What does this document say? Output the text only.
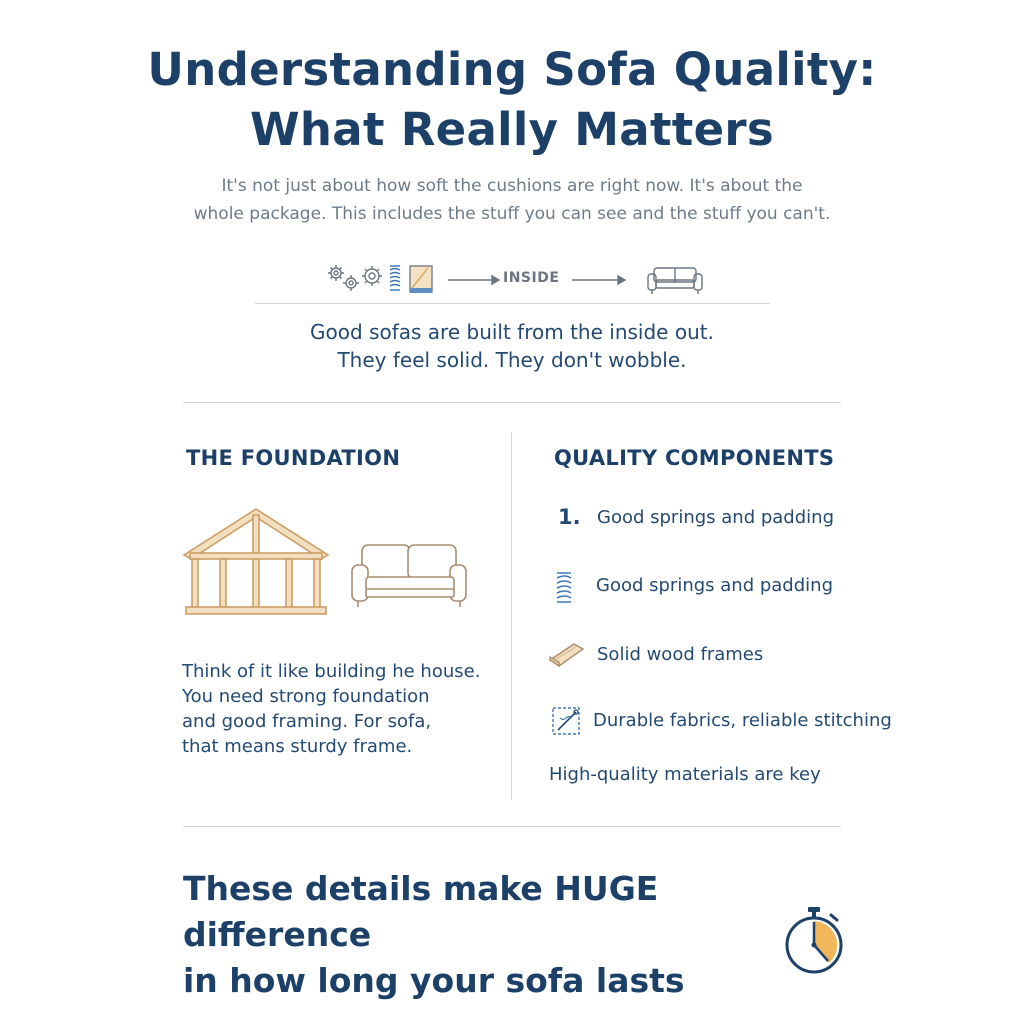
Understanding Sofa Quality:
What Really Matters
It's not just about how soft the cushions are right now. It's about the
whole package. This includes the stuff you can see and the stuff you can't.
INSIDE
Good sofas are built from the inside out.
They feel solid. They don't wobble.
THE FOUNDATION
Think of it like building he house.
You need strong foundation
and good framing. For sofa,
that means sturdy frame.
QUALITY COMPONENTS
1. Good springs and padding
Good springs and padding
Solid wood frames
Durable fabrics, reliable stitching
High-quality materials are key
These details make HUGE difference
in how long your sofa lasts
